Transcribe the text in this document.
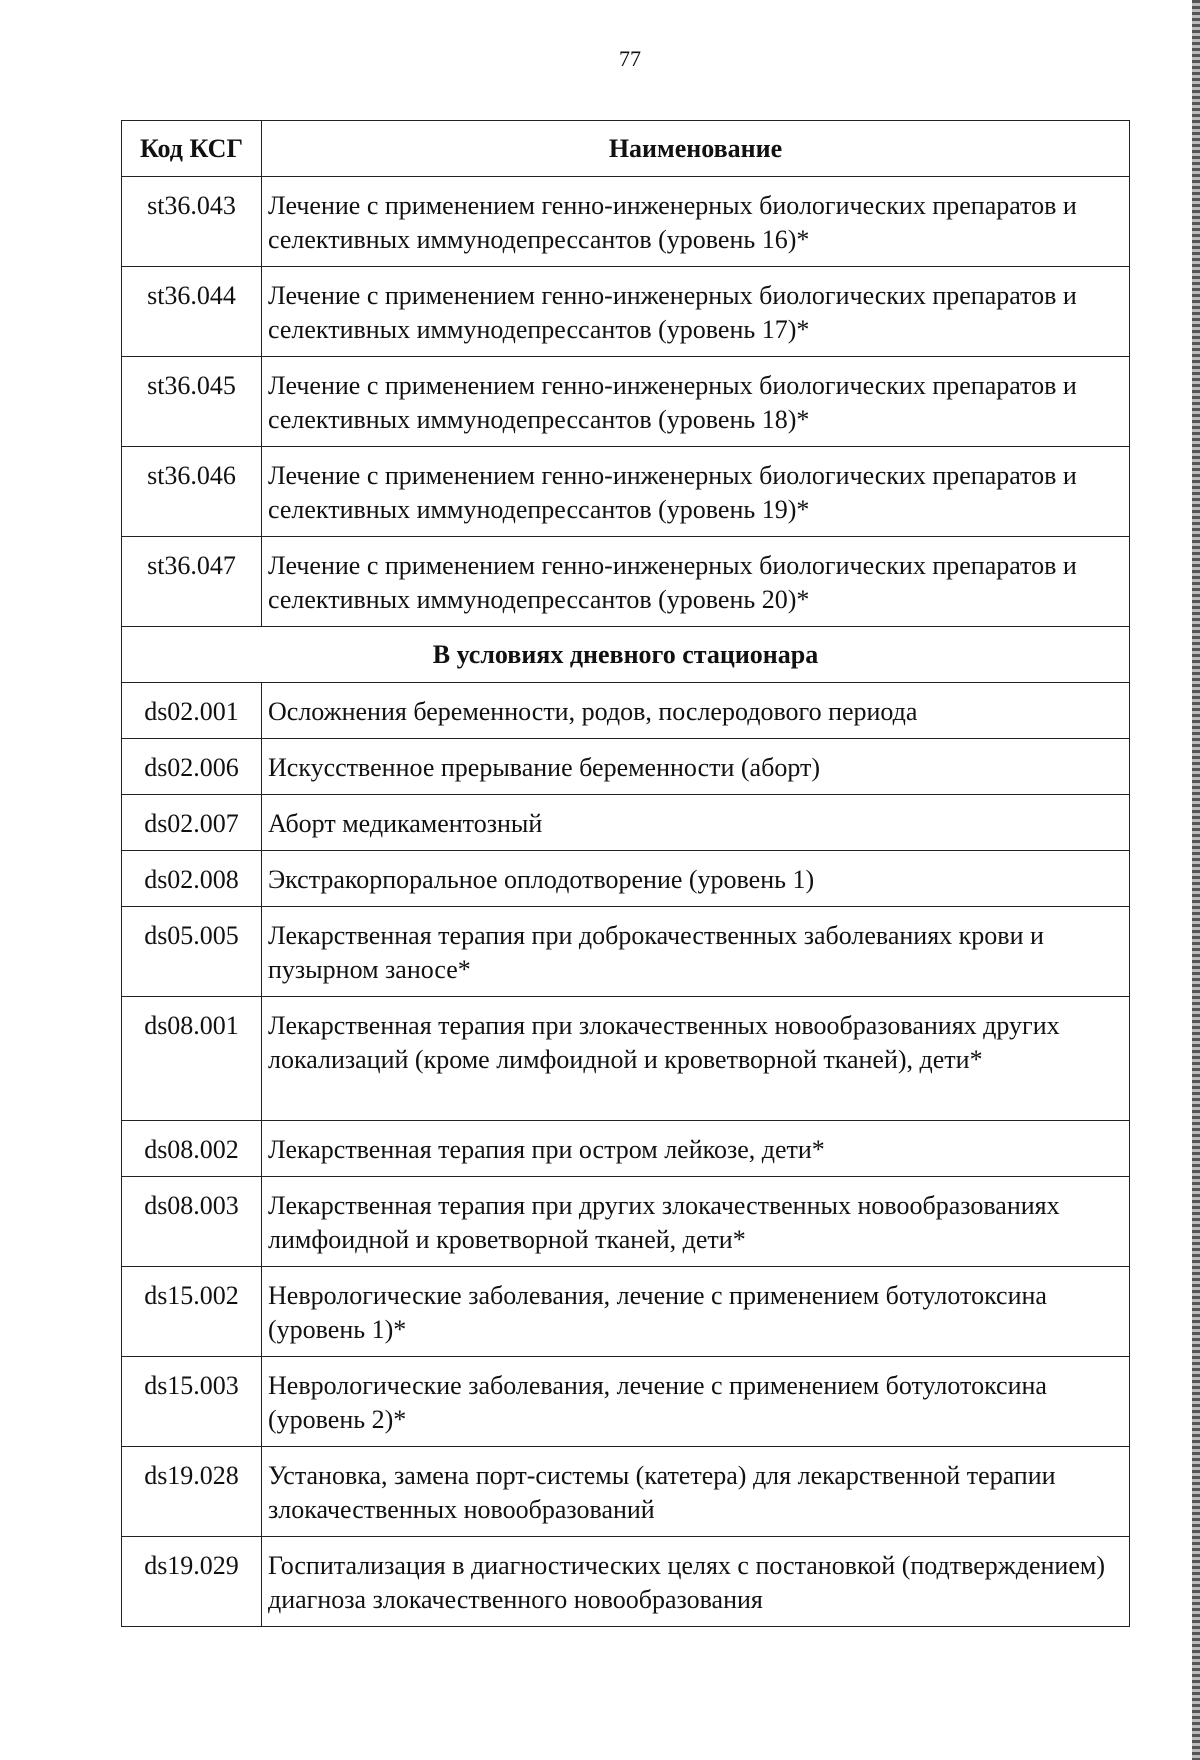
77
Код КСГ	Наименование
st36.043	Лечение с применением генно-инженерных биологических препаратов и селективных иммунодепрессантов (уровень 16)*
st36.044	Лечение с применением генно-инженерных биологических препаратов и селективных иммунодепрессантов (уровень 17)*
st36.045	Лечение с применением генно-инженерных биологических препаратов и селективных иммунодепрессантов (уровень 18)*
st36.046	Лечение с применением генно-инженерных биологических препаратов и селективных иммунодепрессантов (уровень 19)*
st36.047	Лечение с применением генно-инженерных биологических препаратов и селективных иммунодепрессантов (уровень 20)*
В условиях дневного стационара	
ds02.001	Осложнения беременности, родов, послеродового периода
ds02.006	Искусственное прерывание беременности (аборт)
ds02.007	Аборт медикаментозный
ds02.008	Экстракорпоральное оплодотворение (уровень 1)
ds05.005	Лекарственная терапия при доброкачественных заболеваниях крови и пузырном заносе*
ds08.001	Лекарственная терапия при злокачественных новообразованиях других локализаций (кроме лимфоидной и кроветворной тканей), дети*
ds08.002	Лекарственная терапия при остром лейкозе, дети*
ds08.003	Лекарственная терапия при других злокачественных новообразованиях лимфоидной и кроветворной тканей, дети*
ds15.002	Неврологические заболевания, лечение с применением ботулотоксина (уровень 1)*
ds15.003	Неврологические заболевания, лечение с применением ботулотоксина (уровень 2)*
ds19.028	Установка, замена порт-системы (катетера) для лекарственной терапии злокачественных новообразований
ds19.029	Госпитализация в диагностических целях с постановкой (подтверждением) диагноза злокачественного новообразования
